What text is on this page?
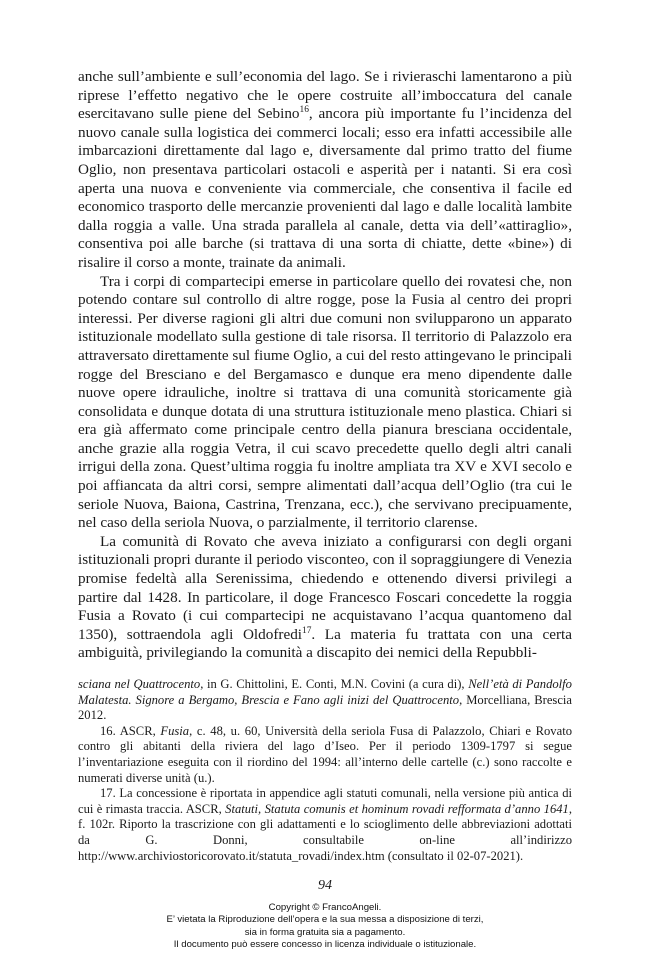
anche sull’ambiente e sull’economia del lago. Se i rivieraschi lamentarono a più riprese l’effetto negativo che le opere costruite all’imboccatura del canale esercitavano sulle piene del Sebino$^{16}$, ancora più importante fu l’incidenza del nuovo canale sulla logistica dei commerci locali; esso era infatti accessibile alle imbarcazioni direttamente dal lago e, diversamente dal primo tratto del fiume Oglio, non presentava particolari ostacoli e asperità per i natanti. Si era così aperta una nuova e conveniente via commerciale, che consentiva il facile ed economico trasporto delle mercanzie provenienti dal lago e dalle località lambite dalla roggia a valle. Una strada parallela al canale, detta via dell’«attiraglio», consentiva poi alle barche (si trattava di una sorta di chiatte, dette «bine») di risalire il corso a monte, trainate da animali.

Tra i corpi di compartecipi emerse in particolare quello dei rovatesi che, non potendo contare sul controllo di altre rogge, pose la Fusia al centro dei propri interessi. Per diverse ragioni gli altri due comuni non svilupparono un apparato istituzionale modellato sulla gestione di tale risorsa. Il territorio di Palazzolo era attraversato direttamente sul fiume Oglio, a cui del resto attingevano le principali rogge del Bresciano e del Bergamasco e dunque era meno dipendente dalle nuove opere idrauliche, inoltre si trattava di una comunità storicamente già consolidata e dunque dotata di una struttura istituzionale meno plastica. Chiari si era già affermato come principale centro della pianura bresciana occidentale, anche grazie alla roggia Vetra, il cui scavo precedette quello degli altri canali irrigui della zona. Quest’ultima roggia fu inoltre ampliata tra XV e XVI secolo e poi affiancata da altri corsi, sempre alimentati dall’acqua dell’Oglio (tra cui le seriole Nuova, Baiona, Castrina, Trenzana, ecc.), che servivano precipuamente, nel caso della seriola Nuova, o parzialmente, il territorio clarense.

La comunità di Rovato che aveva iniziato a configurarsi con degli organi istituzionali propri durante il periodo visconteo, con il sopraggiungere di Venezia promise fedeltà alla Serenissima, chiedendo e ottenendo diversi privilegi a partire dal 1428. In particolare, il doge Francesco Foscari concedette la roggia Fusia a Rovato (i cui compartecipi ne acquistavano l’acqua quantomeno dal 1350), sottraendola agli Oldofredi$^{17}$. La materia fu trattata con una certa ambiguità, privilegiando la comunità a discapito dei nemici della Repubbli-

sciana nel Quattrocento, in G. Chittolini, E. Conti, M.N. Covini (a cura di), Nell’età di Pandolfo Malatesta. Signore a Bergamo, Brescia e Fano agli inizi del Quattrocento, Morcelliana, Brescia 2012.

16. ASCR, Fusia, c. 48, u. 60, Università della seriola Fusa di Palazzolo, Chiari e Rovato contro gli abitanti della riviera del lago d’Iseo. Per il periodo 1309-1797 si segue l’inventariazione eseguita con il riordino del 1994: all’interno delle cartelle (c.) sono raccolte e numerati diverse unità (u.).

17. La concessione è riportata in appendice agli statuti comunali, nella versione più antica di cui è rimasta traccia. ASCR, Statuti, Statuta comunis et hominum rovadi refformata d’anno 1641, f. 102r. Riporto la trascrizione con gli adattamenti e lo scioglimento delle abbreviazioni adottati da G. Donni, consultabile on-line all’indirizzo http://www.archiviostoricorovato.it/statuta_rovadi/index.htm (consultato il 02-07-2021).

94
Copyright © FrancoAngeli.
E’ vietata la Riproduzione dell’opera e la sua messa a disposizione di terzi,
sia in forma gratuita sia a pagamento.
Il documento può essere concesso in licenza individuale o istituzionale.
